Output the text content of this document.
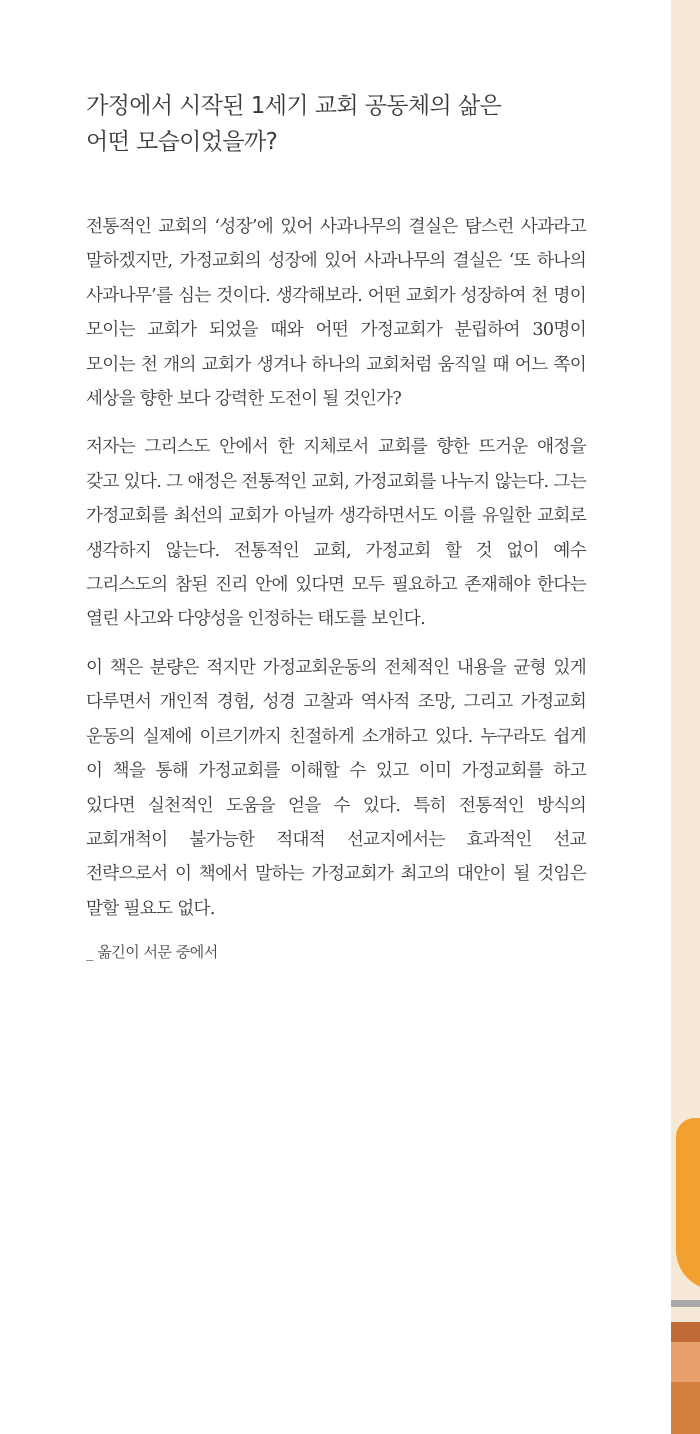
가정에서 시작된 1세기 교회 공동체의 삶은
어떤 모습이었을까?

전통적인 교회의 ‘성장’에 있어 사과나무의 결실은 탐스런 사과라고 말하겠지만, 가정교회의 성장에 있어 사과나무의 결실은 ‘또 하나의 사과나무’를 심는 것이다. 생각해보라. 어떤 교회가 성장하여 천 명이 모이는 교회가 되었을 때와 어떤 가정교회가 분립하여 30명이 모이는 천 개의 교회가 생겨나 하나의 교회처럼 움직일 때 어느 쪽이 세상을 향한 보다 강력한 도전이 될 것인가?

저자는 그리스도 안에서 한 지체로서 교회를 향한 뜨거운 애정을 갖고 있다. 그 애정은 전통적인 교회, 가정교회를 나누지 않는다. 그는 가정교회를 최선의 교회가 아닐까 생각하면서도 이를 유일한 교회로 생각하지 않는다. 전통적인 교회, 가정교회 할 것 없이 예수 그리스도의 참된 진리 안에 있다면 모두 필요하고 존재해야 한다는 열린 사고와 다양성을 인정하는 태도를 보인다.

이 책은 분량은 적지만 가정교회운동의 전체적인 내용을 균형 있게 다루면서 개인적 경험, 성경 고찰과 역사적 조망, 그리고 가정교회 운동의 실제에 이르기까지 친절하게 소개하고 있다. 누구라도 쉽게 이 책을 통해 가정교회를 이해할 수 있고 이미 가정교회를 하고 있다면 실천적인 도움을 얻을 수 있다. 특히 전통적인 방식의 교회개척이 불가능한 적대적 선교지에서는 효과적인 선교 전략으로서 이 책에서 말하는 가정교회가 최고의 대안이 될 것임은 말할 필요도 없다.

_ 옮긴이 서문 중에서
